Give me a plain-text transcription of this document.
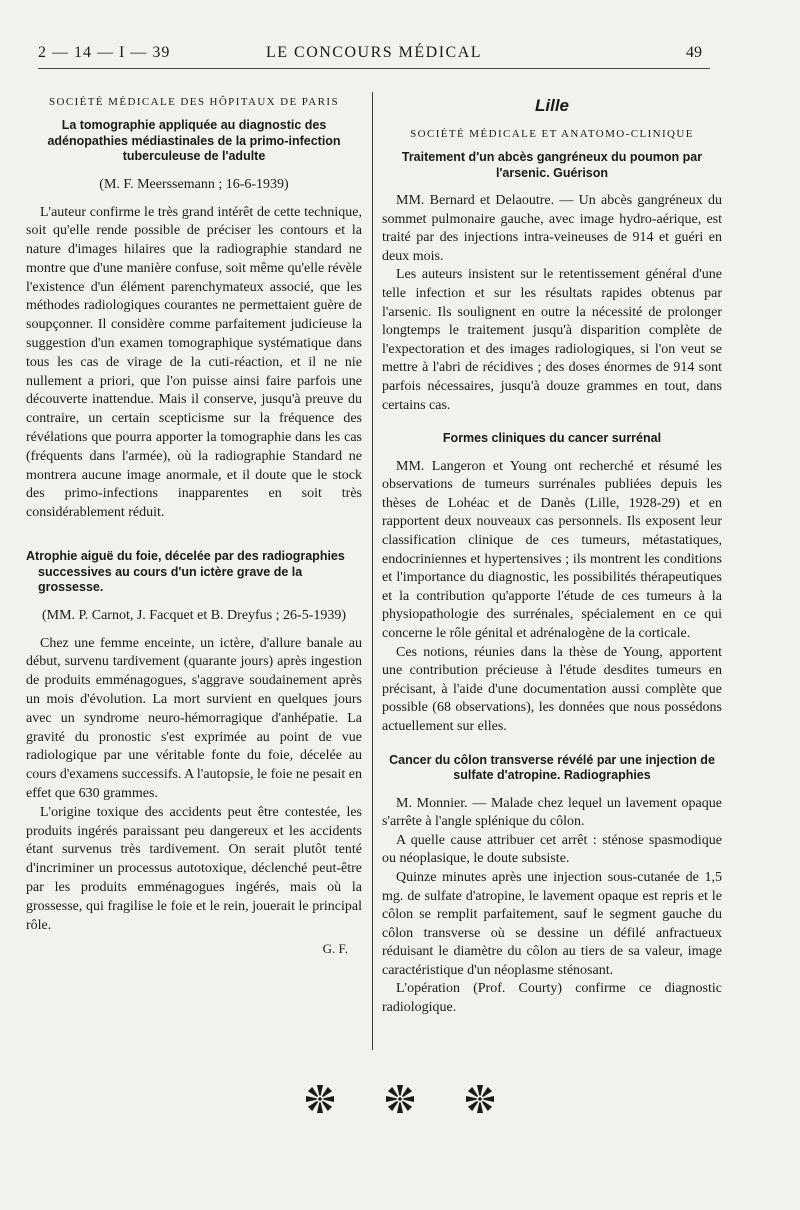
2 — 14 — I — 39	LE CONCOURS MÉDICAL	49
SOCIÉTÉ MÉDICALE DES HÔPITAUX DE PARIS
La tomographie appliquée au diagnostic des adénopathies médiastinales de la primo-infection tuberculeuse de l'adulte
(M. F. Meerssemann ; 16-6-1939)

L'auteur confirme le très grand intérêt de cette technique, soit qu'elle rende possible de préciser les contours et la nature d'images hilaires que la radiographie standard ne montre que d'une manière confuse, soit même qu'elle révèle l'existence d'un élément parenchymateux associé, que les méthodes radiologiques courantes ne permettaient guère de soupçonner. Il considère comme parfaitement judicieuse la suggestion d'un examen tomographique systématique dans tous les cas de virage de la cuti-réaction, et il ne nie nullement a priori, que l'on puisse ainsi faire parfois une découverte inattendue. Mais il conserve, jusqu'à preuve du contraire, un certain scepticisme sur la fréquence des révélations que pourra apporter la tomographie dans les cas (fréquents dans l'armée), où la radiographie Standard ne montrera aucune image anormale, et il doute que le stock des primo-infections inapparentes en soit très considérablement réduit.

Atrophie aiguë du foie, décelée par des radiographies successives au cours d'un ictère grave de la grossesse.
(MM. P. Carnot, J. Facquet et B. Dreyfus ; 26-5-1939)

Chez une femme enceinte, un ictère, d'allure banale au début, survenu tardivement (quarante jours) après ingestion de produits emménagogues, s'aggrave soudainement après un mois d'évolution. La mort survient en quelques jours avec un syndrome neuro-hémorragique d'anhépatie. La gravité du pronostic s'est exprimée au point de vue radiologique par une véritable fonte du foie, décelée au cours d'examens successifs. A l'autopsie, le foie ne pesait en effet que 630 grammes.

L'origine toxique des accidents peut être contestée, les produits ingérés paraissant peu dangereux et les accidents étant survenus très tardivement. On serait plutôt tenté d'incriminer un processus autotoxique, déclenché peut-être par les produits emménagogues ingérés, mais où la grossesse, qui fragilise le foie et le rein, jouerait le principal rôle.

G. F.
Lille
SOCIÉTÉ MÉDICALE ET ANATOMO-CLINIQUE
Traitement d'un abcès gangréneux du poumon par l'arsenic. Guérison

MM. Bernard et Delaoutre. — Un abcès gangréneux du sommet pulmonaire gauche, avec image hydro-aérique, est traité par des injections intra-veineuses de 914 et guéri en deux mois.

Les auteurs insistent sur le retentissement général d'une telle infection et sur les résultats rapides obtenus par l'arsenic. Ils soulignent en outre la nécessité de prolonger longtemps le traitement jusqu'à disparition complète de l'expectoration et des images radiologiques, si l'on veut se mettre à l'abri de récidives ; des doses énormes de 914 sont parfois nécessaires, jusqu'à douze grammes en tout, dans certains cas.

Formes cliniques du cancer surrénal

MM. Langeron et Young ont recherché et résumé les observations de tumeurs surrénales publiées depuis les thèses de Lohéac et de Danès (Lille, 1928-29) et en rapportent deux nouveaux cas personnels. Ils exposent leur classification clinique de ces tumeurs, métastatiques, endocriniennes et hypertensives ; ils montrent les conditions et l'importance du diagnostic, les possibilités thérapeutiques et la contribution qu'apporte l'étude de ces tumeurs à la physiopathologie des surrénales, spécialement en ce qui concerne le rôle génital et adrénalogène de la corticale.

Ces notions, réunies dans la thèse de Young, apportent une contribution précieuse à l'étude desdites tumeurs en précisant, à l'aide d'une documentation aussi complète que possible (68 observations), les données que nous possédons actuellement sur elles.

Cancer du côlon transverse révélé par une injection de sulfate d'atropine. Radiographies

M. Monnier. — Malade chez lequel un lavement opaque s'arrête à l'angle splénique du côlon.

A quelle cause attribuer cet arrêt : sténose spasmodique ou néoplasique, le doute subsiste.

Quinze minutes après une injection sous-cutanée de 1,5 mg. de sulfate d'atropine, le lavement opaque est repris et le côlon se remplit parfaitement, sauf le segment gauche du côlon transverse où se dessine un défilé anfractueux réduisant le diamètre du côlon au tiers de sa valeur, image caractéristique d'un néoplasme sténosant.

L'opération (Prof. Courty) confirme ce diagnostic radiologique.
